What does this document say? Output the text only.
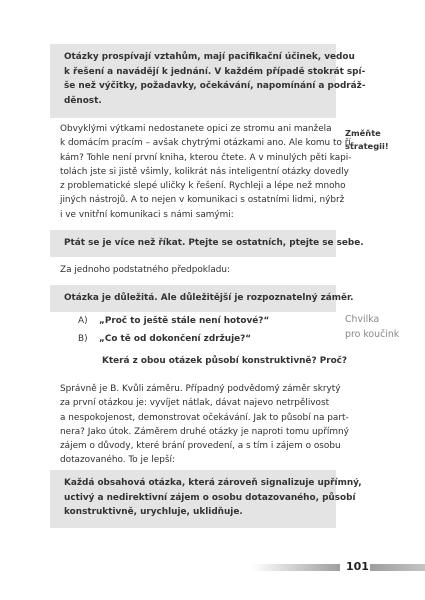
Otázky prospívají vztahům, mají pacifikační účinek, vedou
k řešení a navádějí k jednání. V každém případě stokrát spí-
še než výčitky, požadavky, očekávání, napomínání a podráž-
děnost.
Obvyklými výtkami nedostanete opici ze stromu ani manžela
k domácím pracím – avšak chytrými otázkami ano. Ale komu to ří-
kám? Tohle není první kniha, kterou čtete. A v minulých pěti kapi-
tolách jste si jistě všimly, kolikrát nás inteligentní otázky dovedly
z problematické slepé uličky k řešení. Rychleji a lépe než mnoho
jiných nástrojů. A to nejen v komunikaci s ostatními lidmi, nýbrž
i ve vnitřní komunikaci s námi samými:
Změňte
strategii!
Ptát se je více než říkat. Ptejte se ostatních, ptejte se sebe.
Za jednoho podstatného předpokladu:
Otázka je důležitá. Ale důležitější je rozpoznatelný záměr.
Chvilka
pro koučink
A)	„Proč to ještě stále není hotové?“
B)	„Co tě od dokončení zdržuje?“
Která z obou otázek působí konstruktivně? Proč?
Správně je B. Kvůli záměru. Případný podvědomý záměr skrytý
za první otázkou je: vyvíjet nátlak, dávat najevo netrpělivost
a nespokojenost, demonstrovat očekávání. Jak to působí na part-
nera? Jako útok. Záměrem druhé otázky je naproti tomu upřímný
zájem o důvody, které brání provedení, a s tím i zájem o osobu
dotazovaného. To je lepší:
Každá obsahová otázka, která zároveň signalizuje upřímný,
uctivý a nedirektivní zájem o osobu dotazovaného, působí
konstruktivně, urychluje, uklidňuje.
101
